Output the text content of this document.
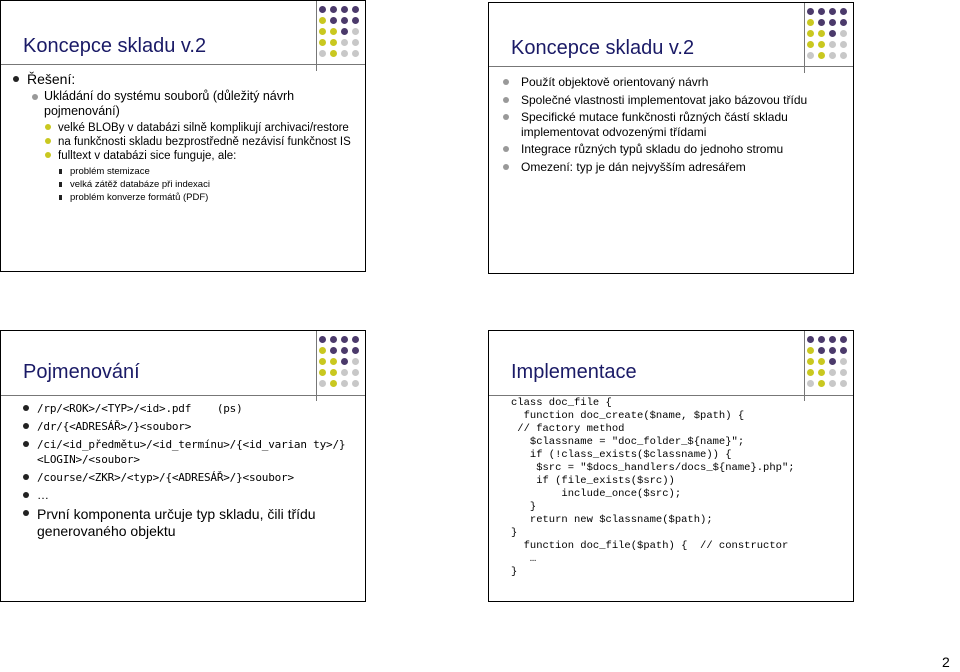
Koncepce skladu v.2
Řešení:
Ukládání do systému souborů (důležitý návrh pojmenování)
velké BLOBy v databázi silně komplikují archivaci/restore
na funkčnosti skladu bezprostředně nezávisí funkčnost IS
fulltext v databázi sice funguje, ale:
problém stemizace
velká zátěž databáze při indexaci
problém konverze formátů (PDF)
Koncepce skladu v.2
Použít objektově orientovaný návrh
Společné vlastnosti implementovat jako bázovou třídu
Specifické mutace funkčnosti různých částí skladu implementovat odvozenými třídami
Integrace různých typů skladu do jednoho stromu
Omezení: typ je dán nejvyšším adresářem
Pojmenování
/rp/<ROK>/<TYP>/<id>.pdf    (ps)
/dr/{<ADRESÁŘ>/}<soubor>
/ci/<id_předmětu>/<id_termínu>/{<id_varian ty>/}<LOGIN>/<soubor>
/course/<ZKR>/<typ>/{<ADRESÁŘ>/}<soubor>
…
První komponenta určuje typ skladu, čili třídu generovaného objektu
Implementace
class doc_file {
function doc_create($name, $path) {
// factory method
$classname = "doc_folder_${name}";
if (!class_exists($classname)) {
$src = "$docs_handlers/docs_${name}.php";
if (file_exists($src))
include_once($src);
}
return new $classname($path);
}
function doc_file($path) {  // constructor
…
}
2
